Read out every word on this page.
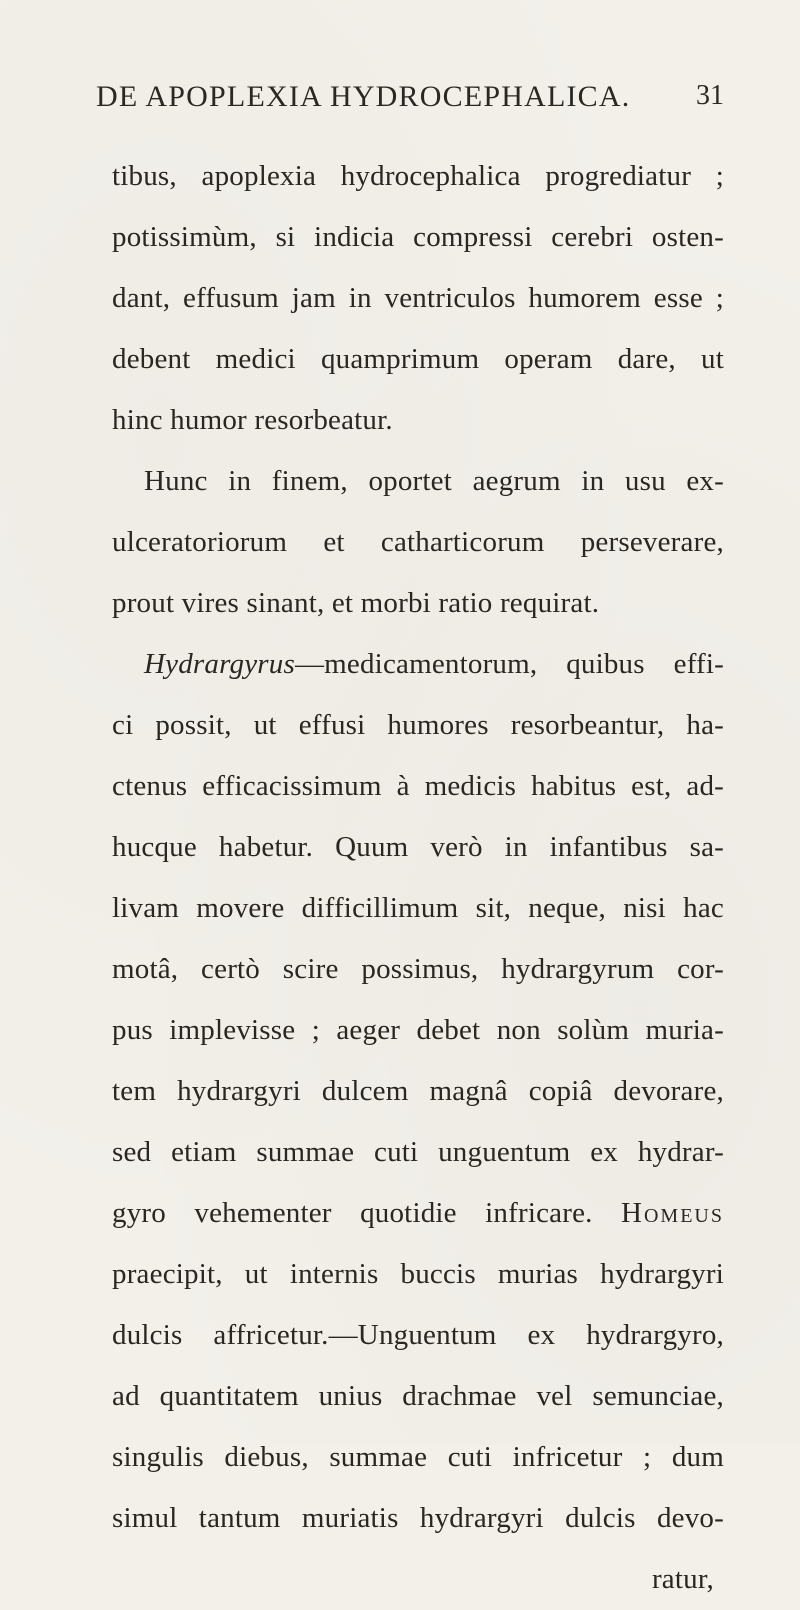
DE APOPLEXIA HYDROCEPHALICA. 31
tibus, apoplexia hydrocephalica progrediatur ;
potissimùm, si indicia compressi cerebri osten-
dant, effusum jam in ventriculos humorem esse ;
debent medici quamprimum operam dare, ut
hinc humor resorbeatur.
Hunc in finem, oportet aegrum in usu ex-
ulceratoriorum et catharticorum perseverare,
prout vires sinant, et morbi ratio requirat.
Hydrargyrus—medicamentorum, quibus effi-
ci possit, ut effusi humores resorbeantur, ha-
ctenus efficacissimum à medicis habitus est, ad-
hucque habetur. Quum verò in infantibus sa-
livam movere difficillimum sit, neque, nisi hac
motâ, certò scire possimus, hydrargyrum cor-
pus implevisse ; aeger debet non solùm muria-
tem hydrargyri dulcem magnâ copiâ devorare,
sed etiam summae cuti unguentum ex hydrar-
gyro vehementer quotidie infricare. Homeus
praecipit, ut internis buccis murias hydrargyri
dulcis affricetur.—Unguentum ex hydrargyro,
ad quantitatem unius drachmae vel semunciae,
singulis diebus, summae cuti infricetur ; dum
simul tantum muriatis hydrargyri dulcis devo-
ratur,
